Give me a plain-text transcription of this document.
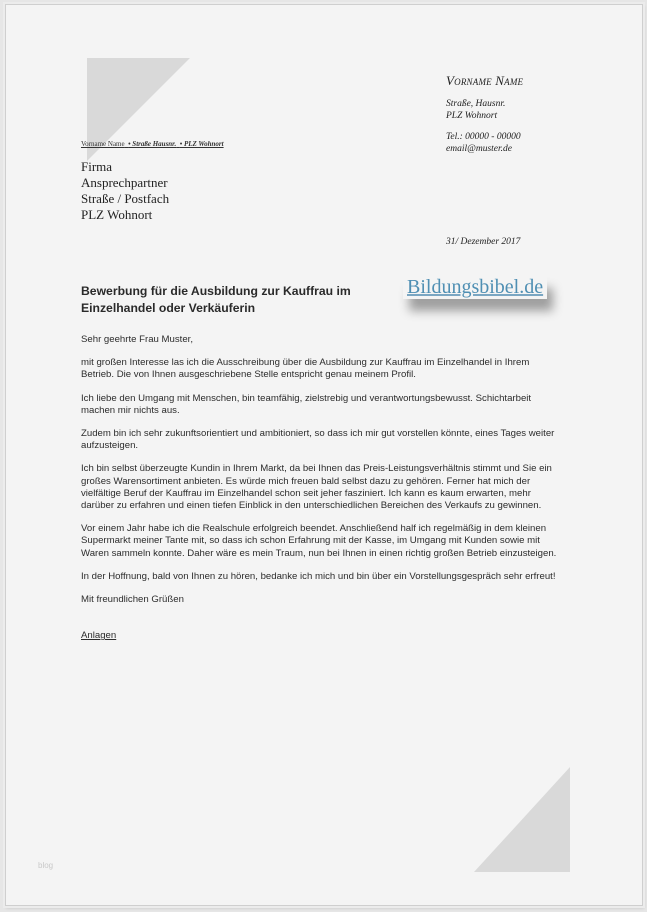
Vorname Name
Straße, Hausnr.
PLZ Wohnort
Tel.: 00000 - 00000
email@muster.de
Vorname Name • Straße Hausnr. • PLZ Wohnort
Firma
Ansprechpartner
Straße / Postfach
PLZ Wohnort
31/ Dezember 2017
Bewerbung für die Ausbildung zur Kauffrau im Einzelhandel oder Verkäuferin
Bildungsbibel.de

Sehr geehrte Frau Muster,

mit großen Interesse las ich die Ausschreibung über die Ausbildung zur Kauffrau im Einzelhandel in Ihrem Betrieb. Die von Ihnen ausgeschriebene Stelle entspricht genau meinem Profil.

Ich liebe den Umgang mit Menschen, bin teamfähig, zielstrebig und verantwortungsbewusst. Schichtarbeit machen mir nichts aus.

Zudem bin ich sehr zukunftsorientiert und ambitioniert, so dass ich mir gut vorstellen könnte, eines Tages weiter aufzusteigen.

Ich bin selbst überzeugte Kundin in Ihrem Markt, da bei Ihnen das Preis-Leistungsverhältnis stimmt und Sie ein großes Warensortiment anbieten. Es würde mich freuen bald selbst dazu zu gehören. Ferner hat mich der vielfältige Beruf der Kauffrau im Einzelhandel schon seit jeher fasziniert. Ich kann es kaum erwarten, mehr darüber zu erfahren und einen tiefen Einblick in den unterschiedlichen Bereichen des Verkaufs zu gewinnen.

Vor einem Jahr habe ich die Realschule erfolgreich beendet. Anschließend half ich regelmäßig in dem kleinen Supermarkt meiner Tante mit, so dass ich schon Erfahrung mit der Kasse, im Umgang mit Kunden sowie mit Waren sammeln konnte. Daher wäre es mein Traum, nun bei Ihnen in einen richtig großen Betrieb einzusteigen.

In der Hoffnung, bald von Ihnen zu hören, bedanke ich mich und bin über ein Vorstellungsgespräch sehr erfreut!

Mit freundlichen Grüßen

Anlagen

blog
